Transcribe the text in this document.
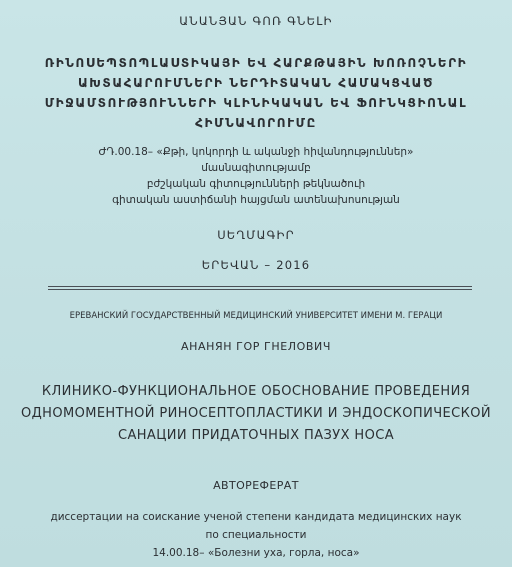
ԱՆԱՆՅԱՆ ԳՈՌ ԳՆԵԼԻ
ՌԻՆՈՍԵՊՏՈՊԼԱՍՏԻԿԱՅԻ ԵՎ ՀԱՐՔԹԱՅԻՆ ԽՈՌՈՉՆԵՐԻ
ԱԽՏԱՀԱՐՈՒՄՆԵՐԻ ՆԵՐԴԻՏԱԿԱՆ ՀԱՄԱԿՑՎԱԾ
ՄԻՋԱՄՏՈՒԹՅՈՒՆՆԵՐԻ ԿԼԻՆԻԿԱԿԱՆ ԵՎ ՖՈՒՆԿՑԻՈՆԱԼ
ՀԻՄՆԱՎՈՐՈՒՄԸ
ԺԴ.00.18– «Քթի, կոկորդի և ականջի հիվանդություններ»
մասնագիտությամբ
բժշկական գիտությունների թեկնածուի
գիտական աստիճանի հայցման ատենախոսության
ՍԵՂՄԱԳԻՐ
ԵՐԵՎԱՆ – 2016
ЕРЕВАНСКИЙ ГОСУДАРСТВЕННЫЙ МЕДИЦИНСКИЙ УНИВЕРСИТЕТ ИМЕНИ М. ГЕРАЦИ
АНАНЯН ГОР ГНЕЛОВИЧ
КЛИНИКО-ФУНКЦИОНАЛЬНОЕ ОБОСНОВАНИЕ ПРОВЕДЕНИЯ
ОДНОМОМЕНТНОЙ РИНОСЕПТОПЛАСТИКИ И ЭНДОСКОПИЧЕСКОЙ
САНАЦИИ ПРИДАТОЧНЫХ ПАЗУХ НОСА
АВТОРЕФЕРАТ
диссертации на соискание ученой степени кандидата медицинских наук
по специальности
14.00.18– «Болезни уха, горла, носа»
